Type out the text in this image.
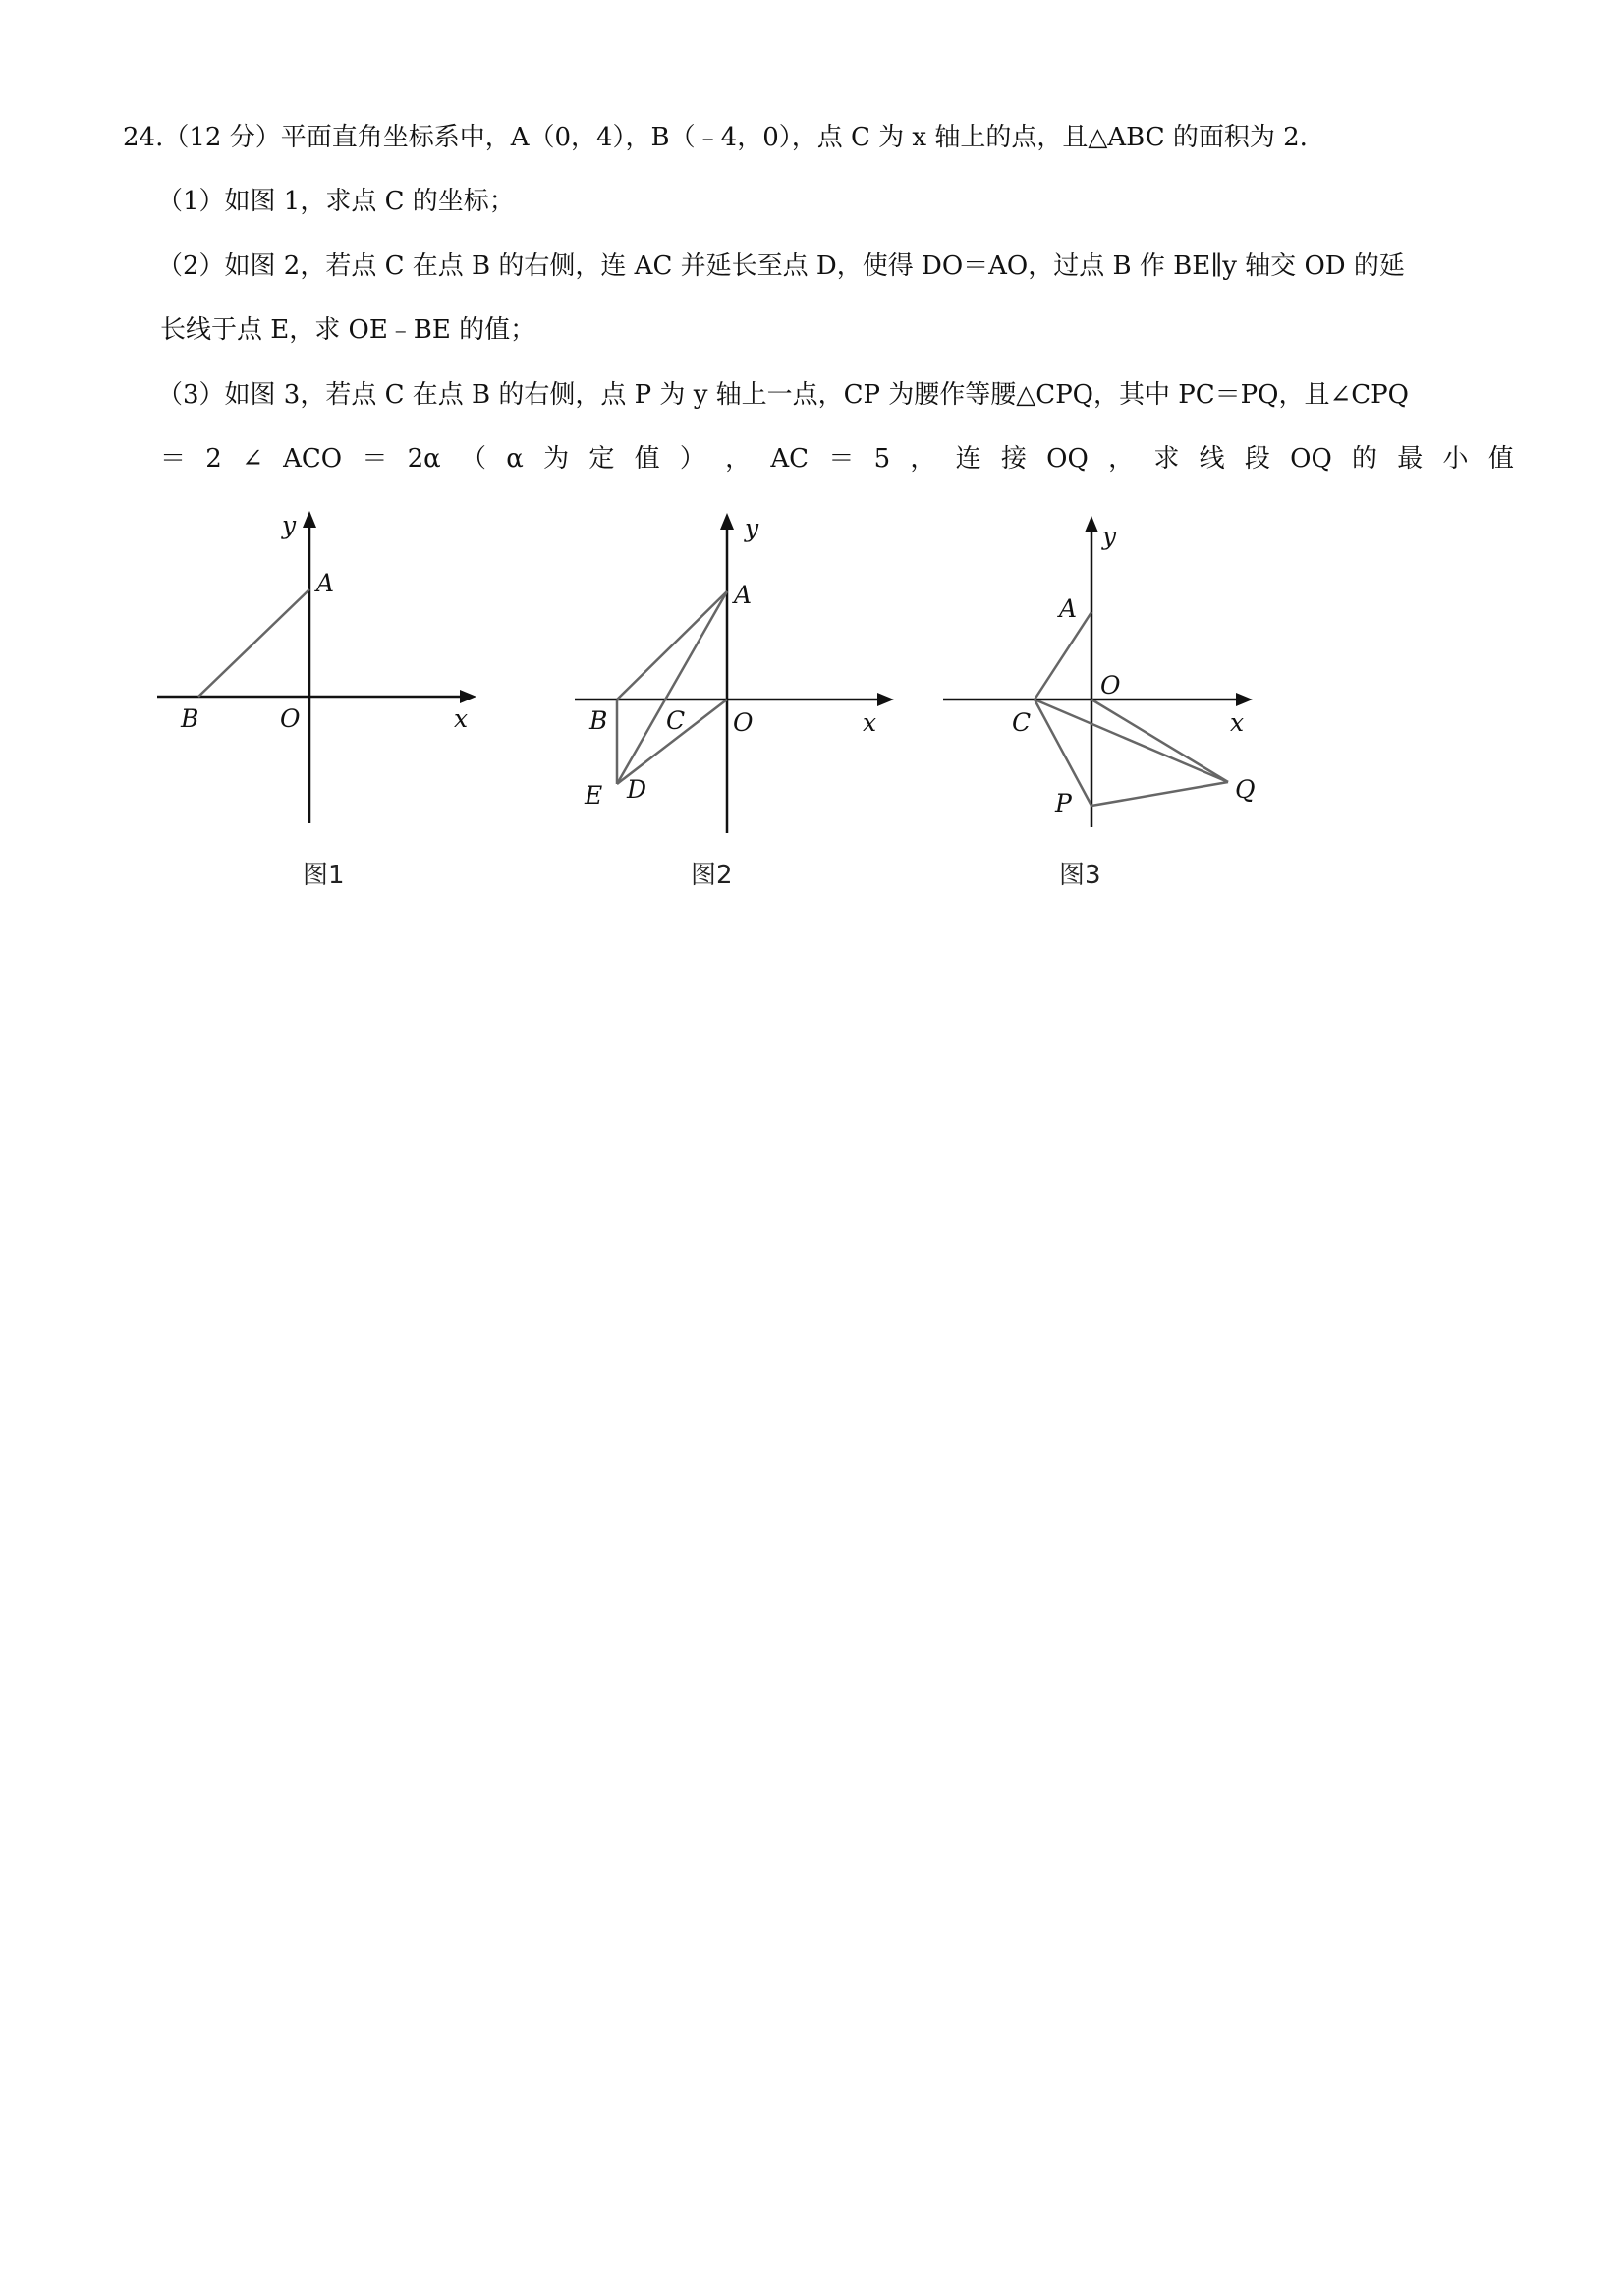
24.（12 分）平面直角坐标系中，A（0，4），B（﹣4，0），点 C 为 x 轴上的点，且△ABC 的面积为 2．
（1）如图 1，求点 C 的坐标；
（2）如图 2，若点 C 在点 B 的右侧，连 AC 并延长至点 D，使得 DO＝AO，过点 B 作 BE∥y 轴交 OD 的延
长线于点 E，求 OE﹣BE 的值；
（3）如图 3，若点 C 在点 B 的右侧，点 P 为 y 轴上一点，CP 为腰作等腰△CPQ，其中 PC＝PQ，且∠CPQ
＝ 2 ∠ ACO ＝ 2α （ α 为 定 值 ） ， AC ＝ 5 ， 连 接 OQ ， 求 线 段 OQ 的 最 小 值
y
A
B	O	x
图1
y
A
B C O	x
E D
图2
y
A
O
C	x
P	Q
图3
